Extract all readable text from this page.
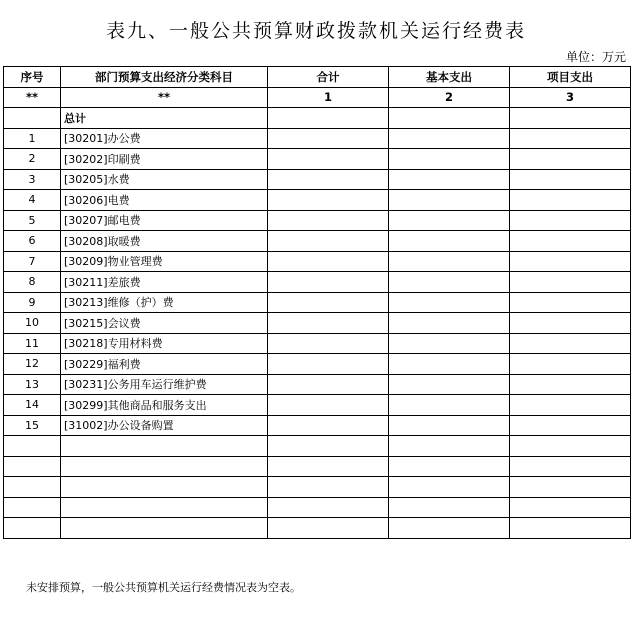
表九、一般公共预算财政拨款机关运行经费表
单位：万元
序号	部门预算支出经济分类科目	合计	基本支出	项目支出
**	**	1	2	3
	总计			
1	[30201]办公费			
2	[30202]印刷费			
3	[30205]水费			
4	[30206]电费			
5	[30207]邮电费			
6	[30208]取暖费			
7	[30209]物业管理费			
8	[30211]差旅费			
9	[30213]维修（护）费			
10	[30215]会议费			
11	[30218]专用材料费			
12	[30229]福利费			
13	[30231]公务用车运行维护费			
14	[30299]其他商品和服务支出			
15	[31002]办公设备购置			

未安排预算，一般公共预算机关运行经费情况表为空表。
